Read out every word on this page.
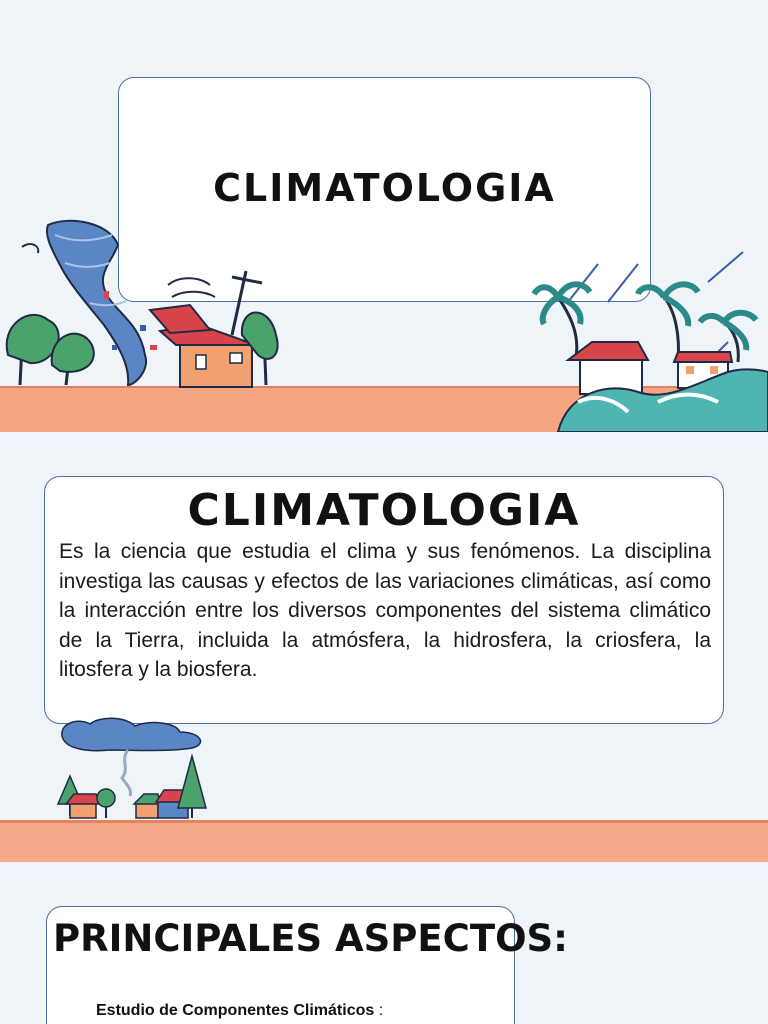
CLIMATOLOGIA
CLIMATOLOGIA
Es la ciencia que estudia el clima y sus fenómenos. La disciplina investiga las causas y efectos de las variaciones climáticas, así como la interacción entre los diversos componentes del sistema climático de la Tierra, incluida la atmósfera, la hidrosfera, la criosfera, la litosfera y la biosfera.
PRINCIPALES ASPECTOS:
Estudio de Componentes Climáticos :
